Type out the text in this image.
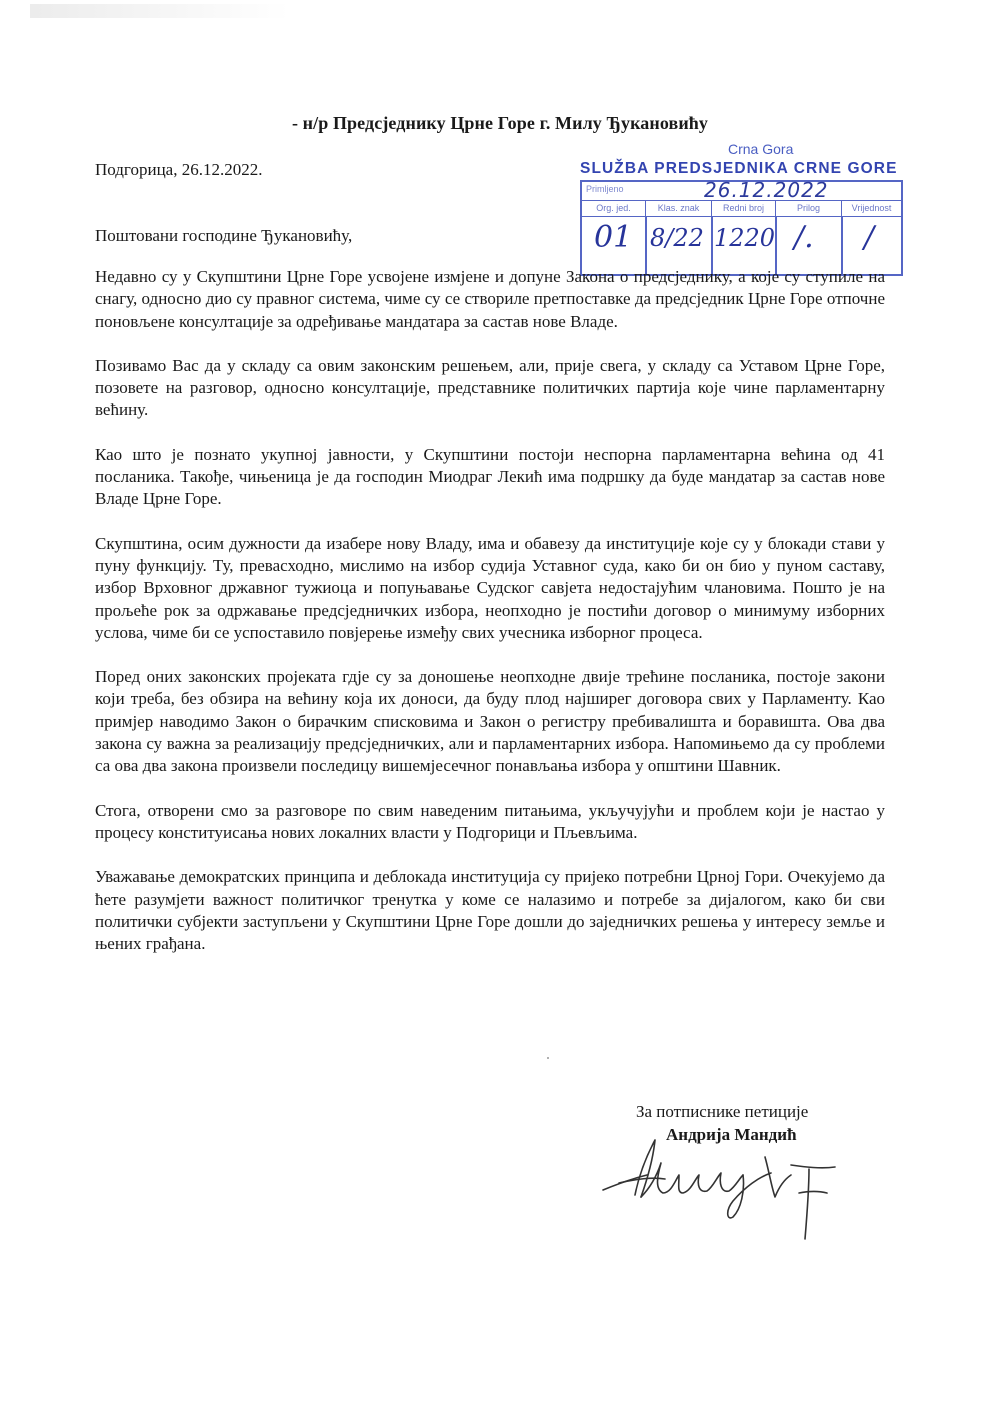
- н/р Предсједнику Црне Горе г. Милу Ђукановићу
Подгорица, 26.12.2022.
Поштовани господине Ђукановићу,
Crna Gora
SLUŽBA PREDSJEDNIKA CRNE GORE
Primljeno	26.12.2022
Org. jed.	Klas. znak	Redni broj	Prilog	Vrijednost
01 8/22 1220 /. /

Недавно су у Скупштини Црне Горе усвојене измјене и допуне Закона о предсједнику, а које су ступиле на снагу, односно дио су правног система, чиме су се створиле претпоставке да предсједник Црне Горе отпочне поновљене консултације за одређивање мандатара за састав нове Владе.

Позивамо Вас да у складу са овим законским решењем, али, прије свега, у складу са Уставом Црне Горе, позовете на разговор, односно консултације, представнике политичких партија које чине парламентарну већину.

Као што је познато укупној јавности, у Скупштини постоји неспорна парламентарна већина од 41 посланика. Такође, чињеница је да господин Миодраг Лекић има подршку да буде мандатар за састав нове Владе Црне Горе.

Скупштина, осим дужности да изабере нову Владу, има и обавезу да институције које су у блокади стави у пуну функцију. Ту, превасходно, мислимо на избор судија Уставног суда, како би он био у пуном саставу, избор Врховног државног тужиоца и попуњавање Судског савјета недостајућим члановима. Пошто је на прољеће рок за одржавање предсједничких избора, неопходно је постићи договор о минимуму изборних услова, чиме би се успоставило повјерење између свих учесника изборног процеса.

Поред оних законских пројеката гдје су за доношење неопходне двије трећине посланика, постоје закони који треба, без обзира на већину која их доноси, да буду плод најширег договора свих у Парламенту. Као примјер наводимо Закон о бирачким списковима и Закон о регистру пребивалишта и боравишта. Ова два закона су важна за реализацију предсједничких, али и парламентарних избора. Напомињемо да су проблеми са ова два закона произвели последицу вишемјесечног понављања избора у општини Шавник.

Стога, отворени смо за разговоре по свим наведеним питањима, укључујући и проблем који је настао у процесу конституисања нових локалних власти у Подгорици и Пљевљима.

Уважавање демократских принципа и деблокада институција су пријеко потребни Црној Гори. Очекујемо да ћете разумјети важност политичког тренутка у коме се налазимо и потребе за дијалогом, како би сви политички субјекти заступљени у Скупштини Црне Горе дошли до заједничких решења у интересу земље и њених грађана.

За потписнике петиције
Андрија Мандић
